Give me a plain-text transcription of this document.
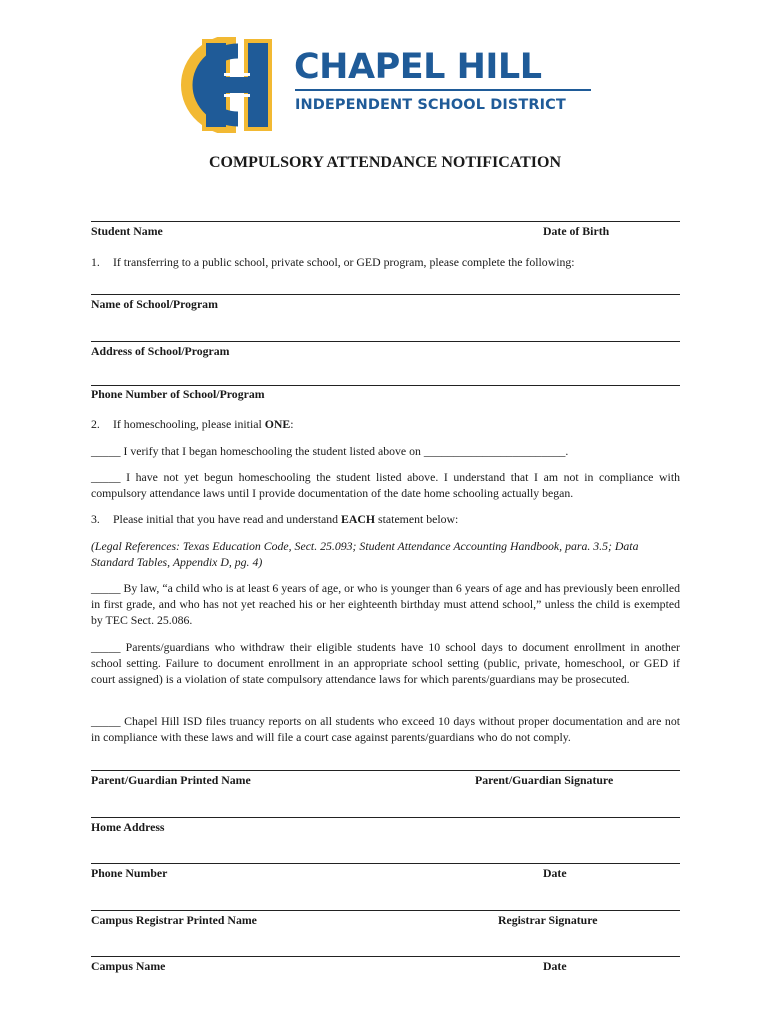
CHAPEL HILL
INDEPENDENT SCHOOL DISTRICT
COMPULSORY ATTENDANCE NOTIFICATION
Student Name	Date of Birth
1. If transferring to a public school, private school, or GED program, please complete the following:
Name of School/Program
Address of School/Program
Phone Number of School/Program
2. If homeschooling, please initial ONE:
_____ I verify that I began homeschooling the student listed above on ________________________.
_____ I have not yet begun homeschooling the student listed above. I understand that I am not in compliance with compulsory attendance laws until I provide documentation of the date home schooling actually began.
3. Please initial that you have read and understand EACH statement below:
(Legal References: Texas Education Code, Sect. 25.093; Student Attendance Accounting Handbook, para. 3.5; Data Standard Tables, Appendix D, pg. 4)
_____ By law, “a child who is at least 6 years of age, or who is younger than 6 years of age and has previously been enrolled in first grade, and who has not yet reached his or her eighteenth birthday must attend school,” unless the child is exempted by TEC Sect. 25.086.
_____ Parents/guardians who withdraw their eligible students have 10 school days to document enrollment in another school setting. Failure to document enrollment in an appropriate school setting (public, private, homeschool, or GED if court assigned) is a violation of state compulsory attendance laws for which parents/guardians may be prosecuted.
_____ Chapel Hill ISD files truancy reports on all students who exceed 10 days without proper documentation and are not in compliance with these laws and will file a court case against parents/guardians who do not comply.
Parent/Guardian Printed Name	Parent/Guardian Signature
Home Address
Phone Number	Date
Campus Registrar Printed Name	Registrar Signature
Campus Name	Date
